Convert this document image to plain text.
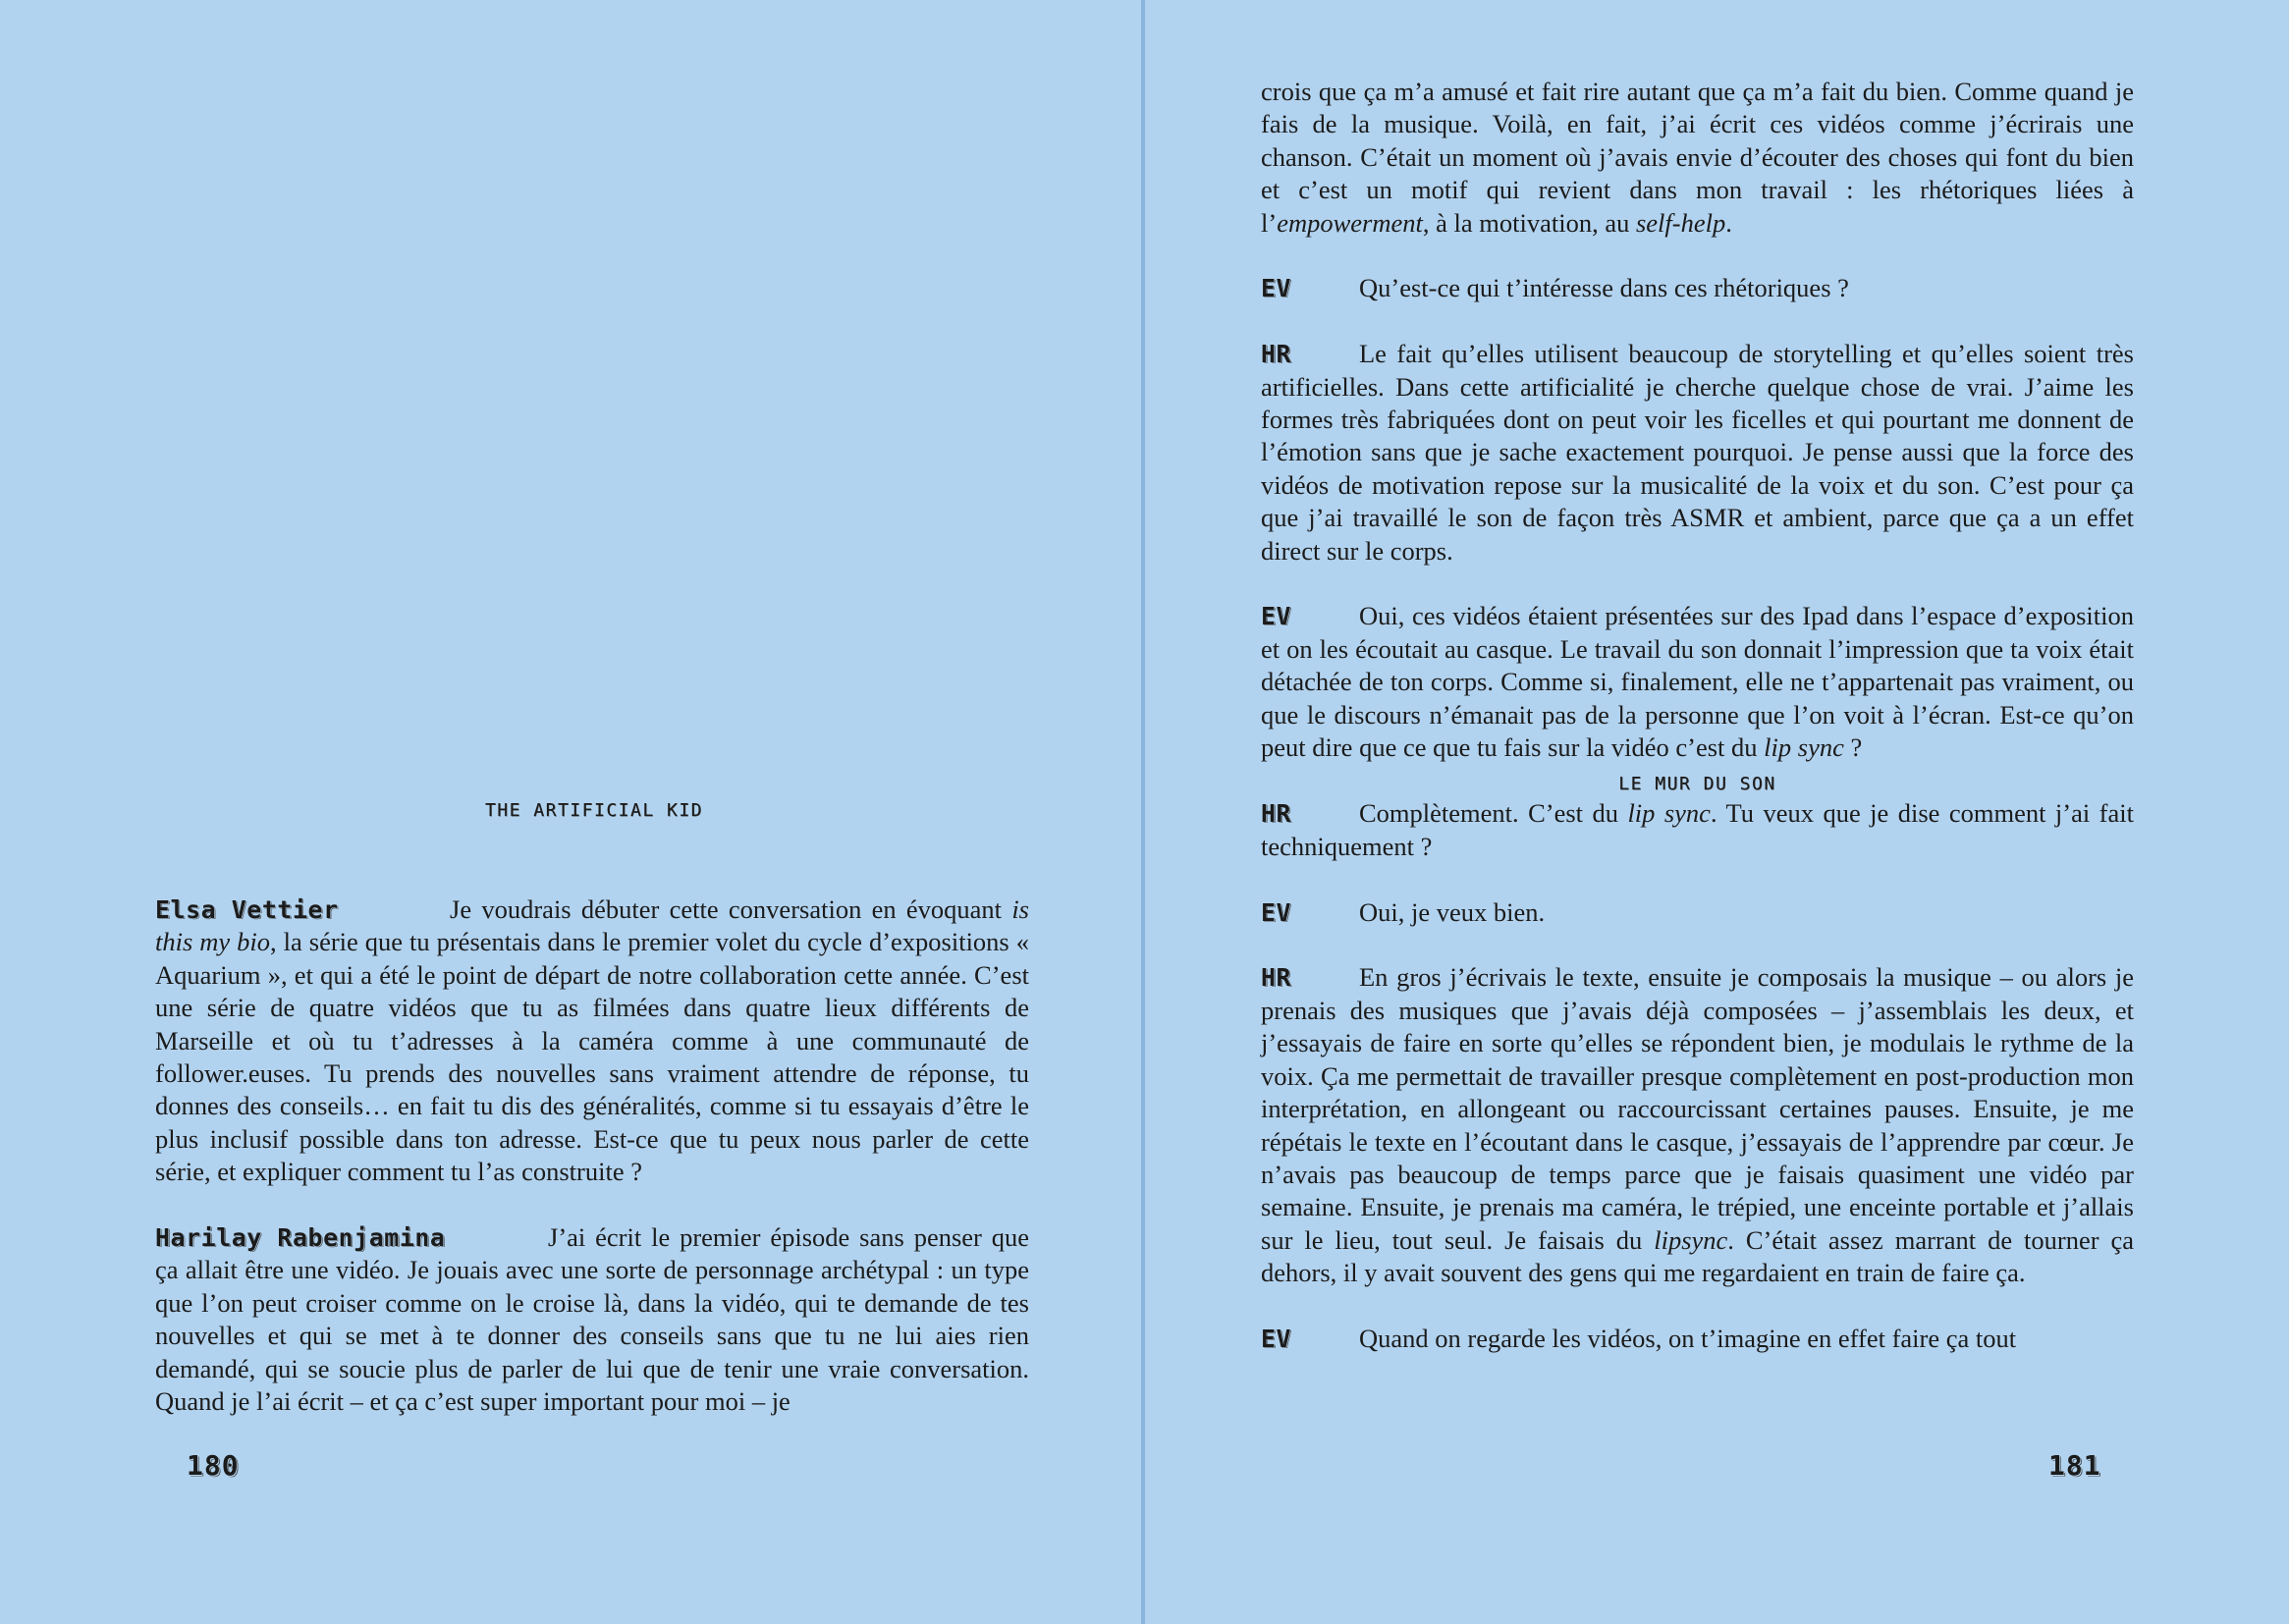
THE ARTIFICIAL KID

Elsa Vettier	Je voudrais débuter cette conversation en évoquant is this my bio, la série que tu présentais dans le premier volet du cycle d’expositions « Aquarium », et qui a été le point de départ de notre collaboration cette année. C’est une série de quatre vidéos que tu as filmées dans quatre lieux différents de Marseille et où tu t’adresses à la caméra comme à une communauté de follower.euses. Tu prends des nouvelles sans vraiment attendre de réponse, tu donnes des conseils… en fait tu dis des généralités, comme si tu essayais d’être le plus inclusif possible dans ton adresse. Est-ce que tu peux nous parler de cette série, et expliquer comment tu l’as construite ?

Harilay Rabenjamina	J’ai écrit le premier épisode sans penser que ça allait être une vidéo. Je jouais avec une sorte de personnage archétypal : un type que l’on peut croiser comme on le croise là, dans la vidéo, qui te demande de tes nouvelles et qui se met à te donner des conseils sans que tu ne lui aies rien demandé, qui se soucie plus de parler de lui que de tenir une vraie conversation. Quand je l’ai écrit – et ça c’est super important pour moi – je

180

crois que ça m’a amusé et fait rire autant que ça m’a fait du bien. Comme quand je fais de la musique. Voilà, en fait, j’ai écrit ces vidéos comme j’écrirais une chanson. C’était un moment où j’avais envie d’écouter des choses qui font du bien et c’est un motif qui revient dans mon travail : les rhétoriques liées à l’empowerment, à la motivation, au self-help.

EV	Qu’est-ce qui t’intéresse dans ces rhétoriques ?

HR	Le fait qu’elles utilisent beaucoup de storytelling et qu’elles soient très artificielles. Dans cette artificialité je cherche quelque chose de vrai. J’aime les formes très fabriquées dont on peut voir les ficelles et qui pourtant me donnent de l’émotion sans que je sache exactement pourquoi. Je pense aussi que la force des vidéos de motivation repose sur la musicalité de la voix et du son. C’est pour ça que j’ai travaillé le son de façon très ASMR et ambient, parce que ça a un effet direct sur le corps.

EV	Oui, ces vidéos étaient présentées sur des Ipad dans l’espace d’exposition et on les écoutait au casque. Le travail du son donnait l’impression que ta voix était détachée de ton corps. Comme si, finalement, elle ne t’appartenait pas vraiment, ou que le discours n’émanait pas de la personne que l’on voit à l’écran. Est-ce qu’on peut dire que ce que tu fais sur la vidéo c’est du lip sync ?

LE MUR DU SON

HR	Complètement. C’est du lip sync. Tu veux que je dise comment j’ai fait techniquement ?

EV	Oui, je veux bien.

HR	En gros j’écrivais le texte, ensuite je composais la musique – ou alors je prenais des musiques que j’avais déjà composées – j’assemblais les deux, et j’essayais de faire en sorte qu’elles se répondent bien, je modulais le rythme de la voix. Ça me permettait de travailler presque complètement en post-production mon interprétation, en allongeant ou raccourcissant certaines pauses. Ensuite, je me répétais le texte en l’écoutant dans le casque, j’essayais de l’apprendre par cœur. Je n’avais pas beaucoup de temps parce que je faisais quasiment une vidéo par semaine. Ensuite, je prenais ma caméra, le trépied, une enceinte portable et j’allais sur le lieu, tout seul. Je faisais du lipsync. C’était assez marrant de tourner ça dehors, il y avait souvent des gens qui me regardaient en train de faire ça.

EV	Quand on regarde les vidéos, on t’imagine en effet faire ça tout

181
